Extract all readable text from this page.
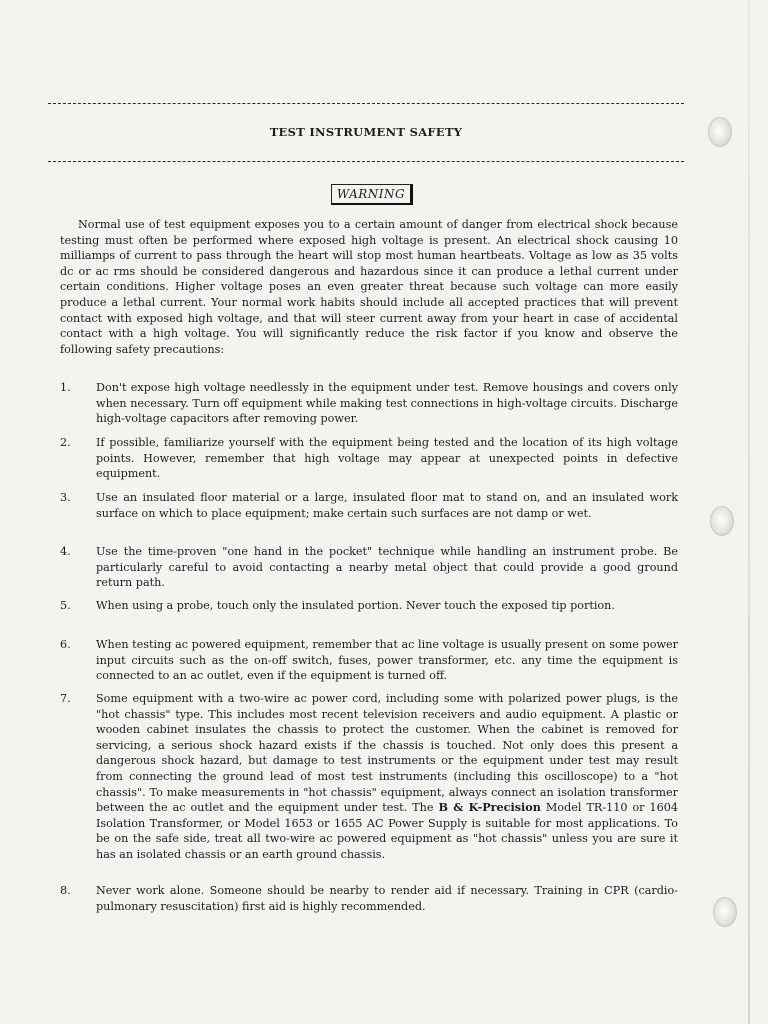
TEST INSTRUMENT SAFETY
WARNING

Normal use of test equipment exposes you to a certain amount of danger from electrical shock because testing must often be performed where exposed high voltage is present. An electrical shock causing 10 milliamps of current to pass through the heart will stop most human heartbeats. Voltage as low as 35 volts dc or ac rms should be considered dangerous and hazardous since it can produce a lethal current under certain conditions. Higher voltage poses an even greater threat because such voltage can more easily produce a lethal current. Your normal work habits should include all accepted practices that will prevent contact with exposed high voltage, and that will steer current away from your heart in case of accidental contact with a high voltage. You will significantly reduce the risk factor if you know and observe the following safety precautions:

1.	Don't expose high voltage needlessly in the equipment under test. Remove housings and covers only when necessary. Turn off equipment while making test connections in high-voltage circuits. Discharge high-voltage capacitors after removing power.
2.	If possible, familiarize yourself with the equipment being tested and the location of its high voltage points. However, remember that high voltage may appear at unexpected points in defective equipment.
3.	Use an insulated floor material or a large, insulated floor mat to stand on, and an insulated work surface on which to place equipment; make certain such surfaces are not damp or wet.
4.	Use the time-proven "one hand in the pocket" technique while handling an instrument probe. Be particularly careful to avoid contacting a nearby metal object that could provide a good ground return path.
5.	When using a probe, touch only the insulated portion. Never touch the exposed tip portion.
6.	When testing ac powered equipment, remember that ac line voltage is usually present on some power input circuits such as the on-off switch, fuses, power transformer, etc. any time the equipment is connected to an ac outlet, even if the equipment is turned off.
7.	Some equipment with a two-wire ac power cord, including some with polarized power plugs, is the "hot chassis" type. This includes most recent television receivers and audio equipment. A plastic or wooden cabinet insulates the chassis to protect the customer. When the cabinet is removed for servicing, a serious shock hazard exists if the chassis is touched. Not only does this present a dangerous shock hazard, but damage to test instruments or the equipment under test may result from connecting the ground lead of most test instruments (including this oscilloscope) to a "hot chassis". To make measurements in "hot chassis" equipment, always connect an isolation transformer between the ac outlet and the equipment under test. The B & K-Precision Model TR-110 or 1604 Isolation Transformer, or Model 1653 or 1655 AC Power Supply is suitable for most applications. To be on the safe side, treat all two-wire ac powered equipment as "hot chassis" unless you are sure it has an isolated chassis or an earth ground chassis.
8.	Never work alone. Someone should be nearby to render aid if necessary. Training in CPR (cardio-pulmonary resuscitation) first aid is highly recommended.
